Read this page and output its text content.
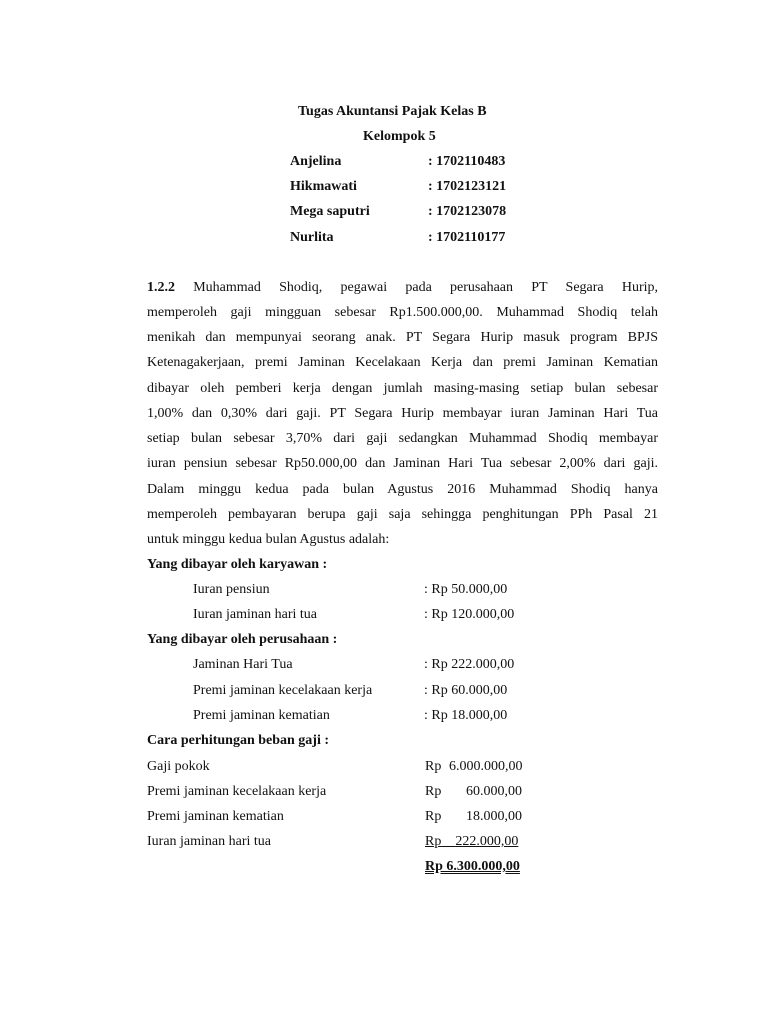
Tugas Akuntansi Pajak Kelas B
Kelompok 5
Anjelina	: 1702110483
Hikmawati	: 1702123121
Mega saputri	: 1702123078
Nurlita	: 1702110177
1.2.2 Muhammad Shodiq, pegawai pada perusahaan PT Segara Hurip,
memperoleh gaji mingguan sebesar Rp1.500.000,00. Muhammad Shodiq telah
menikah dan mempunyai seorang anak. PT Segara Hurip masuk program BPJS
Ketenagakerjaan, premi Jaminan Kecelakaan Kerja dan premi Jaminan Kematian
dibayar oleh pemberi kerja dengan jumlah masing-masing setiap bulan sebesar
1,00% dan 0,30% dari gaji. PT Segara Hurip membayar iuran Jaminan Hari Tua
setiap bulan sebesar 3,70% dari gaji sedangkan Muhammad Shodiq membayar
iuran pensiun sebesar Rp50.000,00 dan Jaminan Hari Tua sebesar 2,00% dari gaji.
Dalam minggu kedua pada bulan Agustus 2016 Muhammad Shodiq hanya
memperoleh pembayaran berupa gaji saja sehingga penghitungan PPh Pasal 21
untuk minggu kedua bulan Agustus adalah:
Yang dibayar oleh karyawan :
Iuran pensiun	: Rp 50.000,00
Iuran jaminan hari tua	: Rp 120.000,00
Yang dibayar oleh perusahaan :
Jaminan Hari Tua	: Rp 222.000,00
Premi jaminan kecelakaan kerja	: Rp 60.000,00
Premi jaminan kematian	: Rp 18.000,00
Cara perhitungan beban gaji :
Gaji pokok	Rp 6.000.000,00
Premi jaminan kecelakaan kerja	Rp 60.000,00
Premi jaminan kematian	Rp 18.000,00
Iuran jaminan hari tua	Rp 222.000,00
Rp 6.300.000,00
